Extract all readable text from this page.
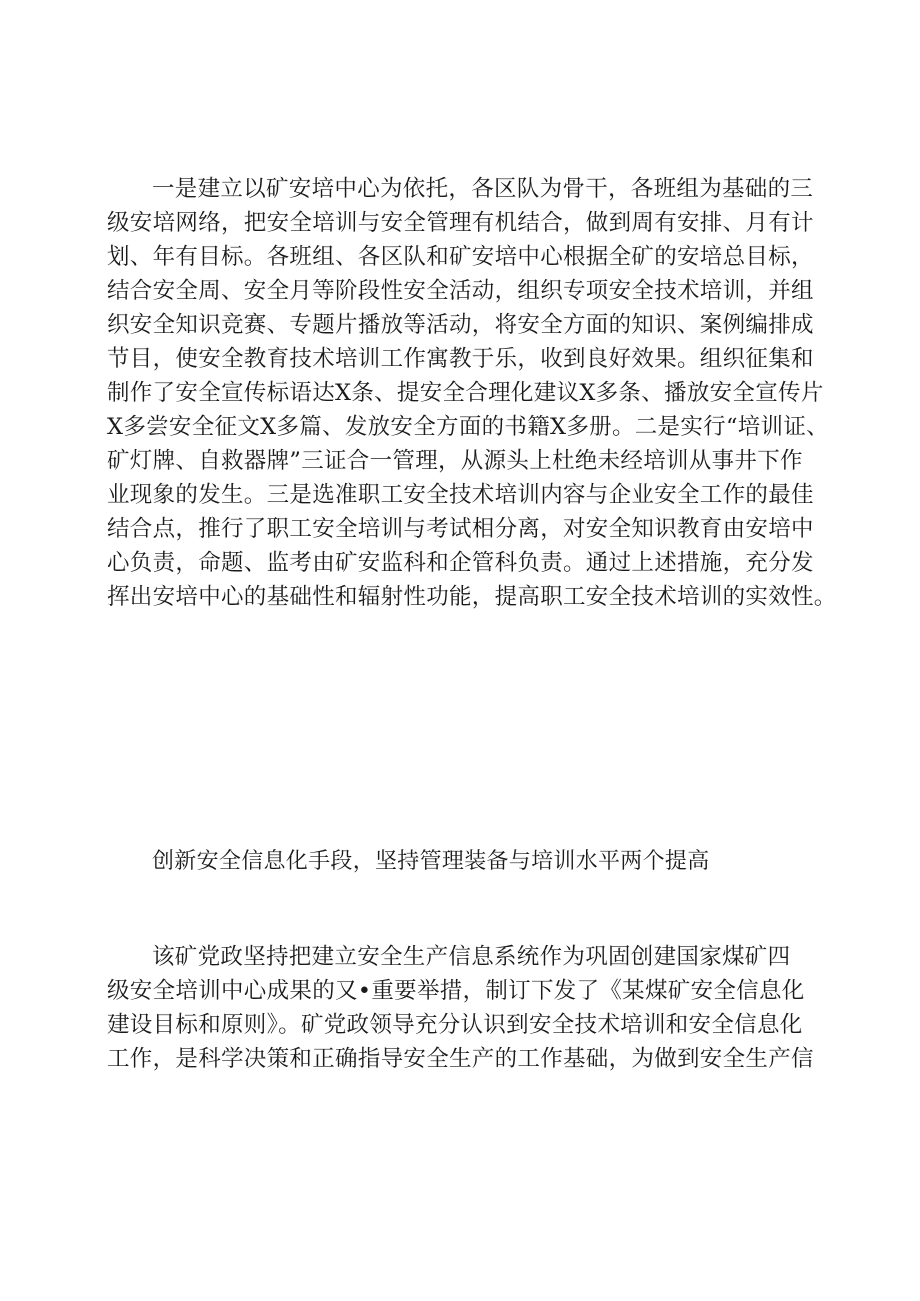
一是建立以矿安培中心为依托，各区队为骨干，各班组为基础的三
级安培网络，把安全培训与安全管理有机结合，做到周有安排、月有计
划、年有目标。各班组、各区队和矿安培中心根据全矿的安培总目标，
结合安全周、安全月等阶段性安全活动，组织专项安全技术培训，并组
织安全知识竞赛、专题片播放等活动，将安全方面的知识、案例编排成
节目，使安全教育技术培训工作寓教于乐，收到良好效果。组织征集和
制作了安全宣传标语达X条、提安全合理化建议X多条、播放安全宣传片
X多尝安全征文X多篇、发放安全方面的书籍X多册。二是实行“培训证、
矿灯牌、自救器牌”三证合一管理，从源头上杜绝未经培训从事井下作
业现象的发生。三是选准职工安全技术培训内容与企业安全工作的最佳
结合点，推行了职工安全培训与考试相分离，对安全知识教育由安培中
心负责，命题、监考由矿安监科和企管科负责。通过上述措施，充分发
挥出安培中心的基础性和辐射性功能，提高职工安全技术培训的实效性。
创新安全信息化手段，坚持管理装备与培训水平两个提高
该矿党政坚持把建立安全生产信息系统作为巩固创建国家煤矿四
级安全培训中心成果的又•重要举措，制订下发了《某煤矿安全信息化
建设目标和原则》。矿党政领导充分认识到安全技术培训和安全信息化
工作，是科学决策和正确指导安全生产的工作基础，为做到安全生产信
